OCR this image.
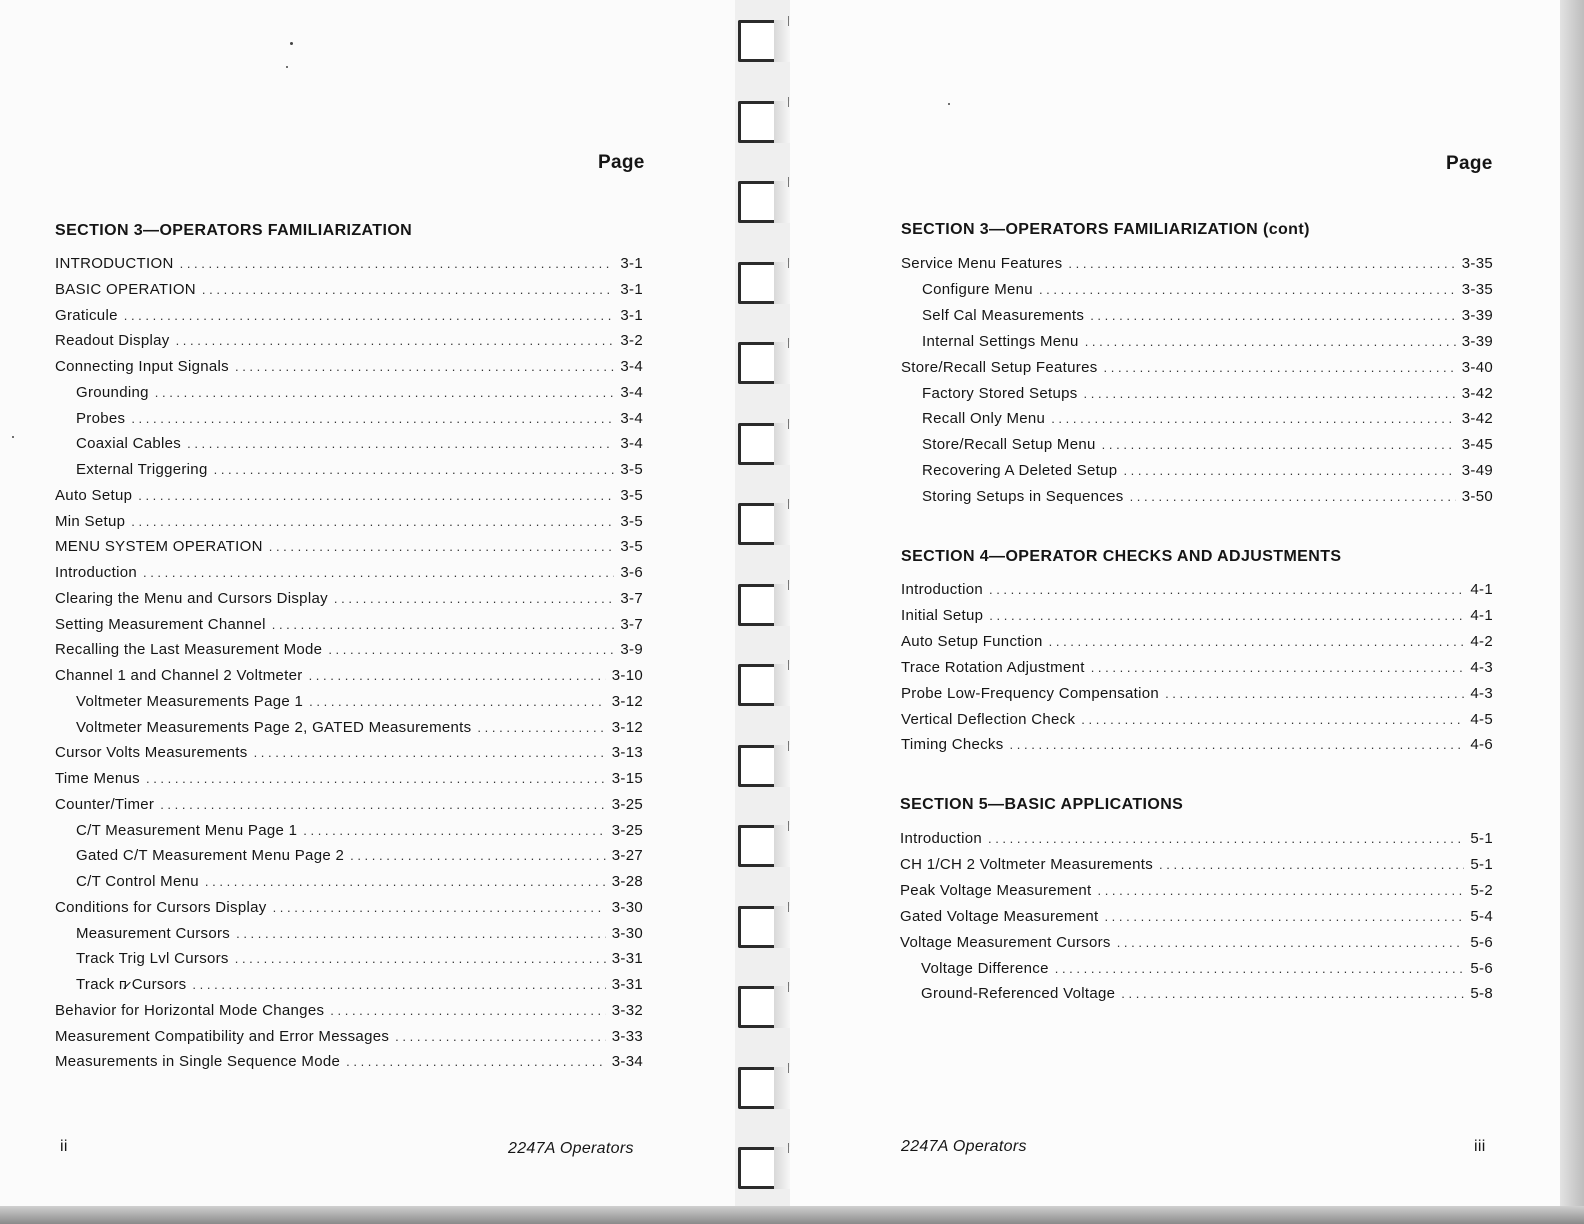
Page
SECTION 3—OPERATORS FAMILIARIZATION
INTRODUCTION . . .	3-1
BASIC OPERATION . . .	3-1
Graticule . . .	3-1
Readout Display . . .	3-2
Connecting Input Signals . . .	3-4
Grounding . . .	3-4
Probes . . .	3-4
Coaxial Cables . . .	3-4
External Triggering . . .	3-5
Auto Setup . . .	3-5
Min Setup . . .	3-5
MENU SYSTEM OPERATION . . .	3-5
Introduction . . .	3-6
Clearing the Menu and Cursors Display . . .	3-7
Setting Measurement Channel . . .	3-7
Recalling the Last Measurement Mode . . .	3-9
Channel 1 and Channel 2 Voltmeter . . .	3-10
Voltmeter Measurements Page 1 . . .	3-12
Voltmeter Measurements Page 2, GATED Measurements . . .	3-12
Cursor Volts Measurements . . .	3-13
Time Menus . . .	3-15
Counter/Timer . . .	3-25
C/T Measurement Menu Page 1 . . .	3-25
Gated C/T Measurement Menu Page 2 . . .	3-27
C/T Control Menu . . .	3-28
Conditions for Cursors Display . . .	3-30
Measurement Cursors . . .	3-30
Track Trig Lvl Cursors . . .	3-31
Track п̷ Cursors . . .	3-31
Behavior for Horizontal Mode Changes . . .	3-32
Measurement Compatibility and Error Messages . . .	3-33
Measurements in Single Sequence Mode . . .	3-34
ii	2247A Operators
Page
SECTION 3—OPERATORS FAMILIARIZATION (cont)
Service Menu Features . . .	3-35
Configure Menu . . .	3-35
Self Cal Measurements . . .	3-39
Internal Settings Menu . . .	3-39
Store/Recall Setup Features . . .	3-40
Factory Stored Setups . . .	3-42
Recall Only Menu . . .	3-42
Store/Recall Setup Menu . . .	3-45
Recovering A Deleted Setup . . .	3-49
Storing Setups in Sequences . . .	3-50
SECTION 4—OPERATOR CHECKS AND ADJUSTMENTS
Introduction . . .	4-1
Initial Setup . . .	4-1
Auto Setup Function . . .	4-2
Trace Rotation Adjustment . . .	4-3
Probe Low-Frequency Compensation . . .	4-3
Vertical Deflection Check . . .	4-5
Timing Checks . . .	4-6
SECTION 5—BASIC APPLICATIONS
Introduction . . .	5-1
CH 1/CH 2 Voltmeter Measurements . . .	5-1
Peak Voltage Measurement . . .	5-2
Gated Voltage Measurement . . .	5-4
Voltage Measurement Cursors . . .	5-6
Voltage Difference . . .	5-6
Ground-Referenced Voltage . . .	5-8
2247A Operators	iii
